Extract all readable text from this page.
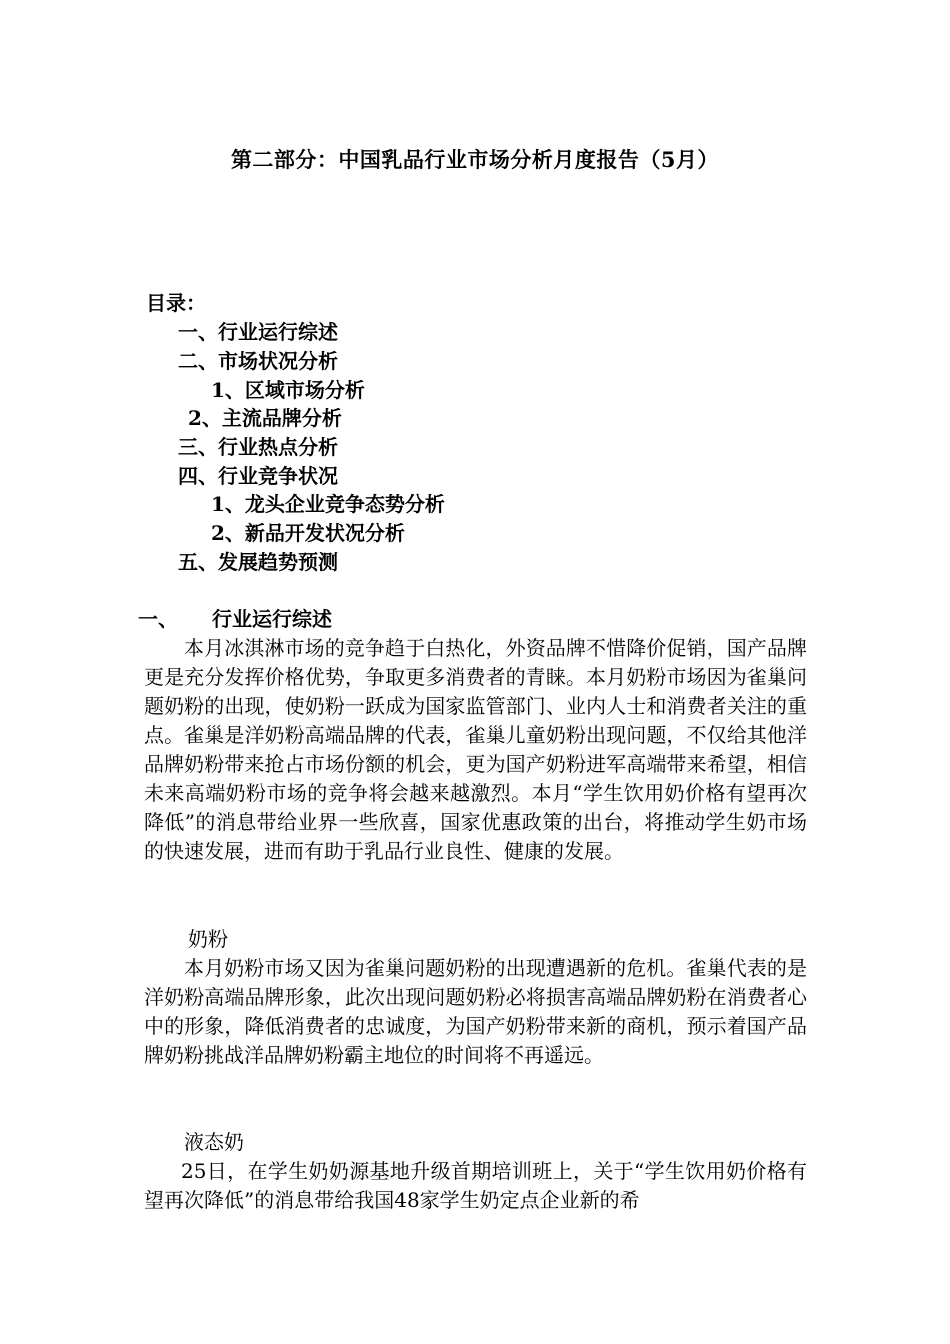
第二部分：中国乳品行业市场分析月度报告（5月）
目录：
一、行业运行综述
二、市场状况分析
1、区域市场分析
2、主流品牌分析
三、行业热点分析
四、行业竞争状况
1、龙头企业竞争态势分析
2、新品开发状况分析
五、发展趋势预测
一、 行业运行综述

本月冰淇淋市场的竞争趋于白热化，外资品牌不惜降价促销，国产品牌更是充分发挥价格优势，争取更多消费者的青睐。本月奶粉市场因为雀巢问题奶粉的出现，使奶粉一跃成为国家监管部门、业内人士和消费者关注的重点。雀巢是洋奶粉高端品牌的代表，雀巢儿童奶粉出现问题，不仅给其他洋品牌奶粉带来抢占市场份额的机会，更为国产奶粉进军高端带来希望，相信未来高端奶粉市场的竞争将会越来越激烈。本月“学生饮用奶价格有望再次降低”的消息带给业界一些欣喜，国家优惠政策的出台，将推动学生奶市场的快速发展，进而有助于乳品行业良性、健康的发展。

奶粉

本月奶粉市场又因为雀巢问题奶粉的出现遭遇新的危机。雀巢代表的是洋奶粉高端品牌形象，此次出现问题奶粉必将损害高端品牌奶粉在消费者心中的形象，降低消费者的忠诚度，为国产奶粉带来新的商机，预示着国产品牌奶粉挑战洋品牌奶粉霸主地位的时间将不再遥远。

液态奶

25日，在学生奶奶源基地升级首期培训班上，关于“学生饮用奶价格有望再次降低”的消息带给我国48家学生奶定点企业新的希
